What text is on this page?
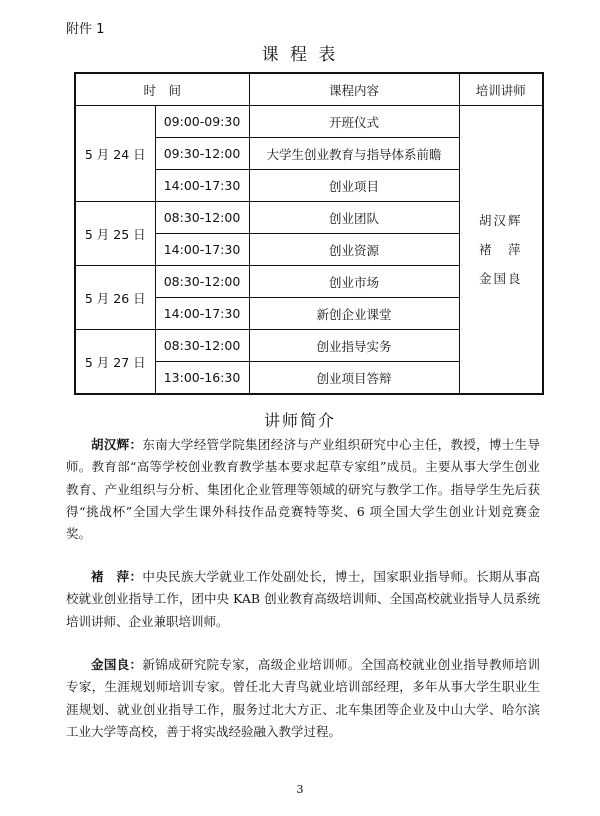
附件 1
课 程 表
时　间		课程内容	培训讲师
5 月 24 日	09:00-09:30	开班仪式	胡汉辉
褚　萍
金国良

	09:30-12:00	大学生创业教育与指导体系前瞻	
	14:00-17:30	创业项目	
5 月 25 日	08:30-12:00	创业团队	
	14:00-17:30	创业资源	
5 月 26 日	08:30-12:00	创业市场	
	14:00-17:30	新创企业课堂	
5 月 27 日	08:30-12:00	创业指导实务	
	13:00-16:30	创业项目答辩	
讲师简介

胡汉辉：东南大学经管学院集团经济与产业组织研究中心主任，教授，博士生导师。教育部“高等学校创业教育教学基本要求起草专家组”成员。主要从事大学生创业教育、产业组织与分析、集团化企业管理等领域的研究与教学工作。指导学生先后获得“挑战杯”全国大学生课外科技作品竞赛特等奖、6 项全国大学生创业计划竞赛金奖。

褚　萍：中央民族大学就业工作处副处长，博士，国家职业指导师。长期从事高校就业创业指导工作，团中央 KAB 创业教育高级培训师、全国高校就业指导人员系统培训讲师、企业兼职培训师。

金国良：新锦成研究院专家，高级企业培训师。全国高校就业创业指导教师培训专家，生涯规划师培训专家。曾任北大青鸟就业培训部经理，多年从事大学生职业生涯规划、就业创业指导工作，服务过北大方正、北车集团等企业及中山大学、哈尔滨工业大学等高校，善于将实战经验融入教学过程。

3
